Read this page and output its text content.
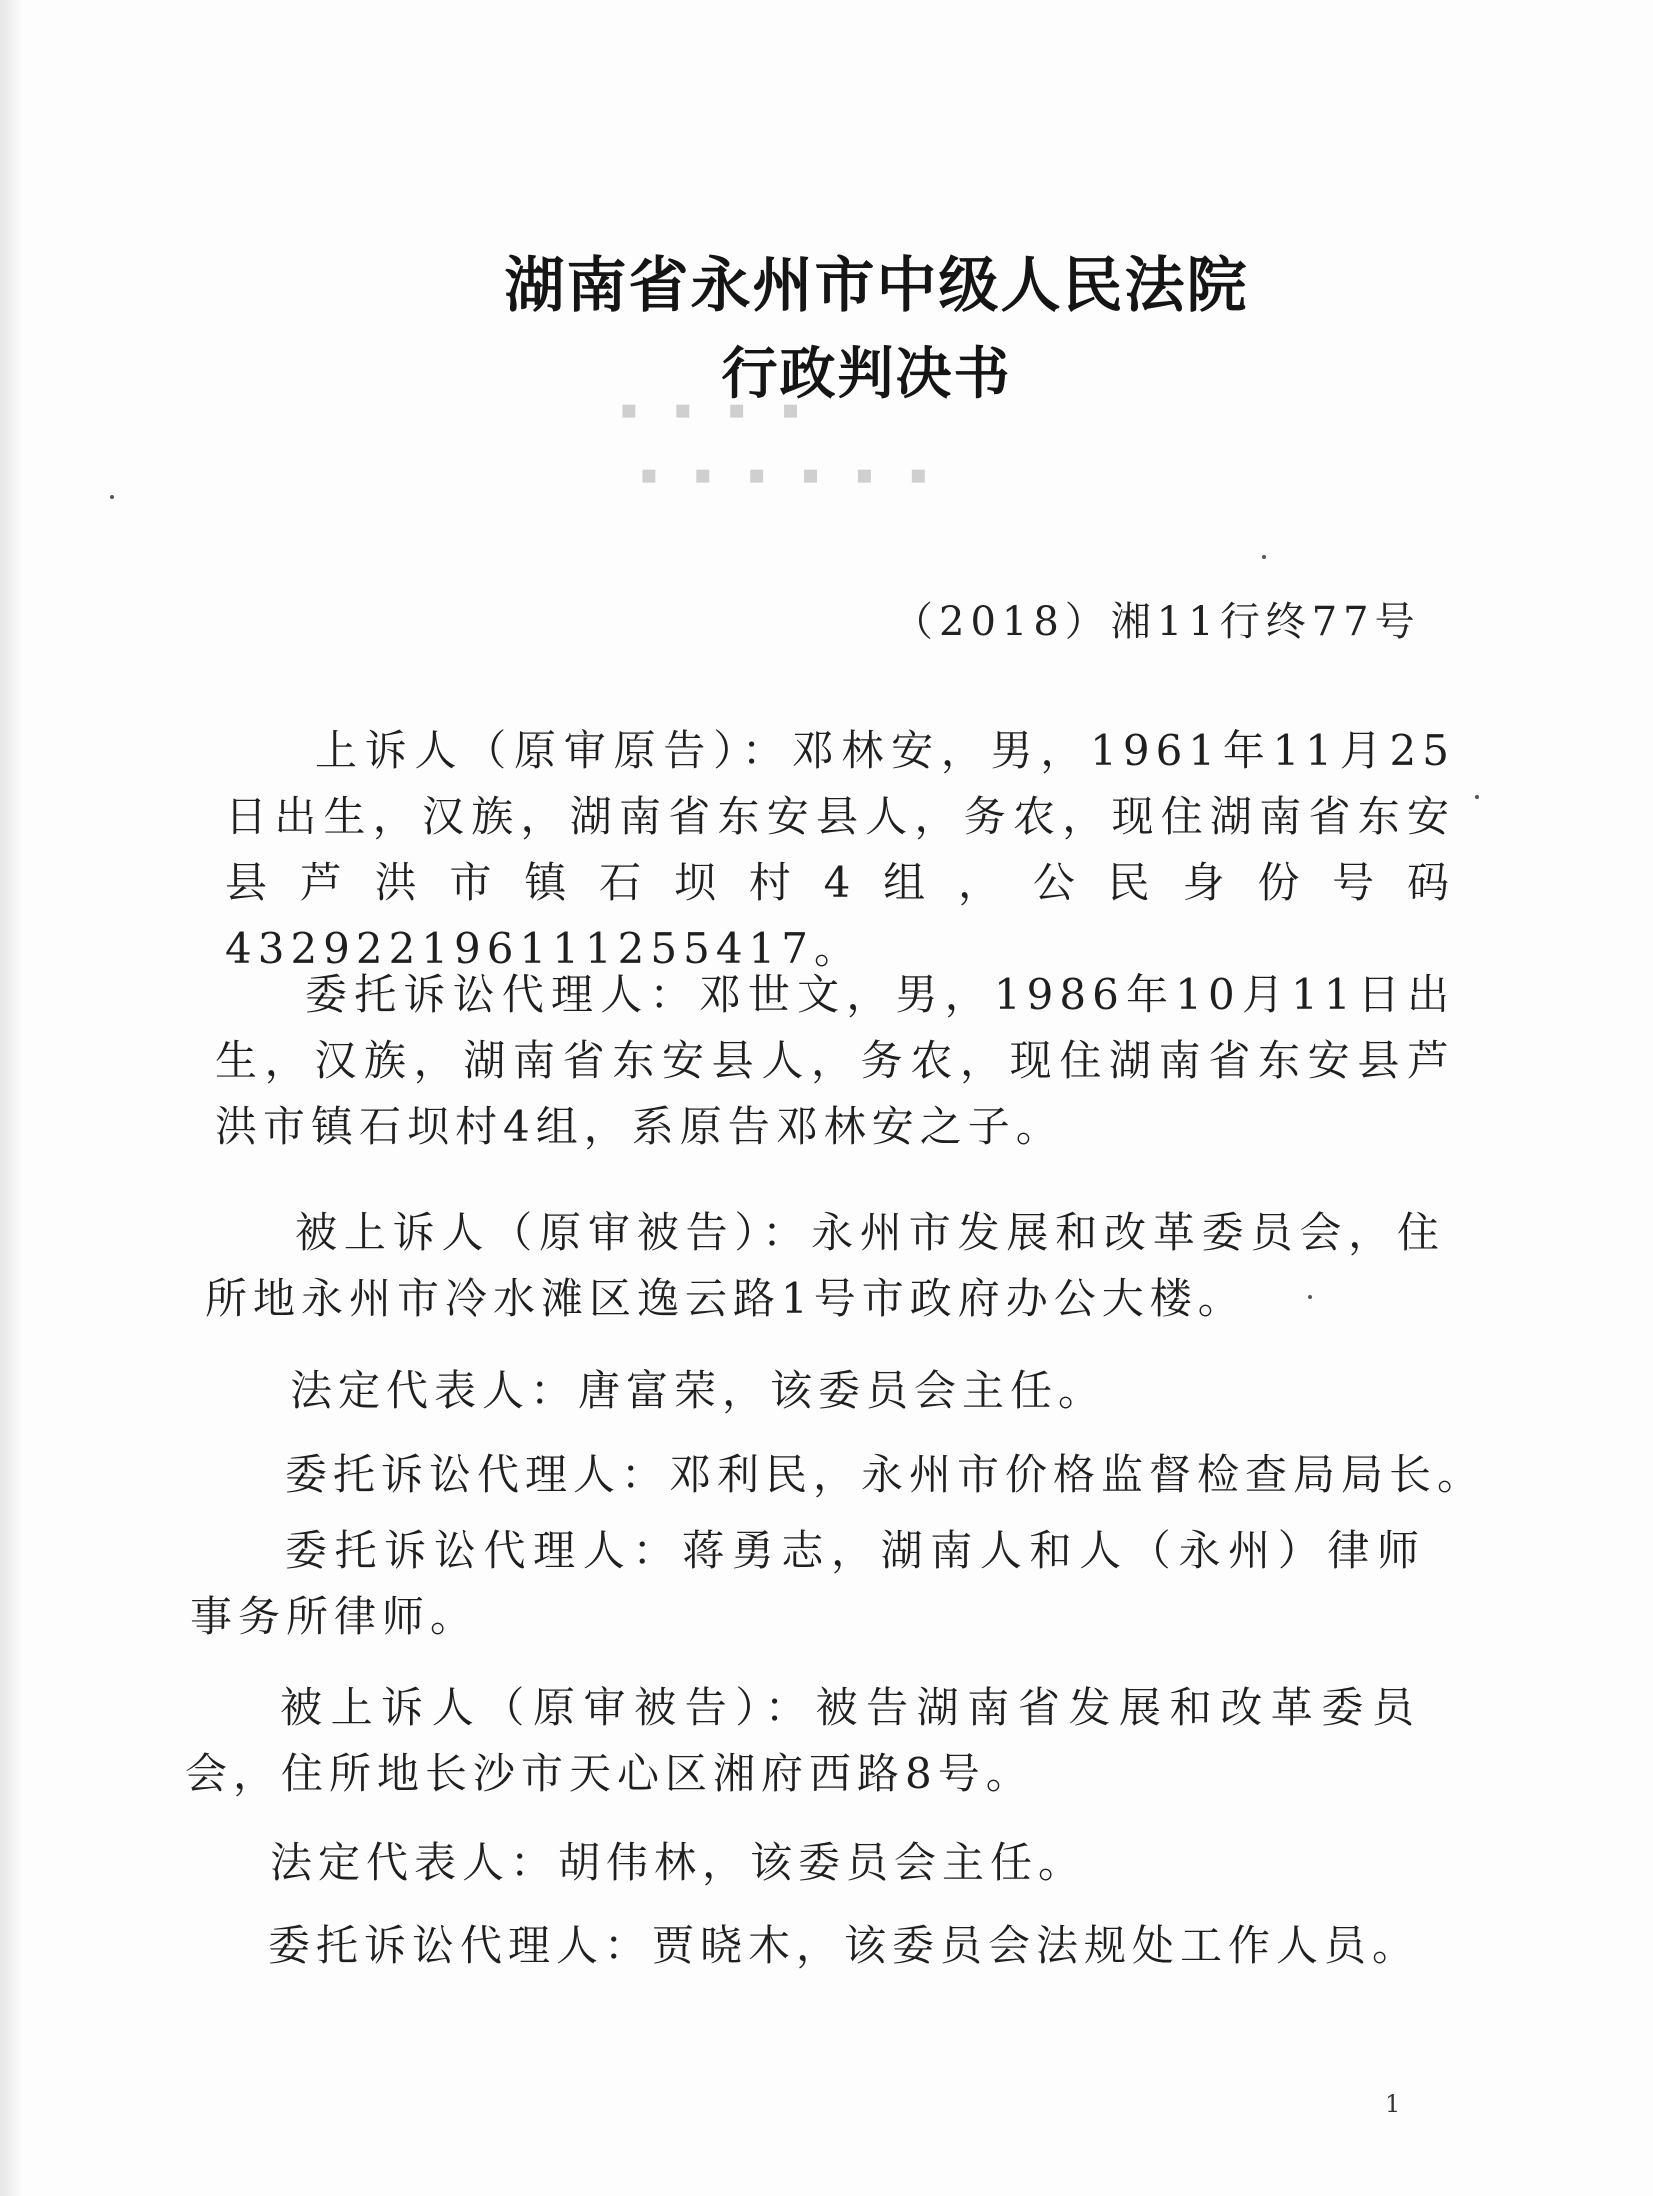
湖南省永州市中级人民法院
行政判决书
▪ ▪ ▪ ▪
▪ ▪ ▪ ▪ ▪ ▪
（2018）湘11行终77号
上诉人（原审原告）：邓林安，男，1961年11月25日出生，汉族，湖南省东安县人，务农，现住湖南省东安县芦洪市镇石坝村4组，公民身份号码432922196111255417。
委托诉讼代理人：邓世文，男，1986年10月11日出生，汉族，湖南省东安县人，务农，现住湖南省东安县芦洪市镇石坝村4组，系原告邓林安之子。
被上诉人（原审被告）：永州市发展和改革委员会，住所地永州市冷水滩区逸云路1号市政府办公大楼。
法定代表人：唐富荣，该委员会主任。
委托诉讼代理人：邓利民，永州市价格监督检查局局长。
委托诉讼代理人：蒋勇志，湖南人和人（永州）律师事务所律师。
被上诉人（原审被告）：被告湖南省发展和改革委员会，住所地长沙市天心区湘府西路8号。
法定代表人：胡伟林，该委员会主任。
委托诉讼代理人：贾晓木，该委员会法规处工作人员。
1
